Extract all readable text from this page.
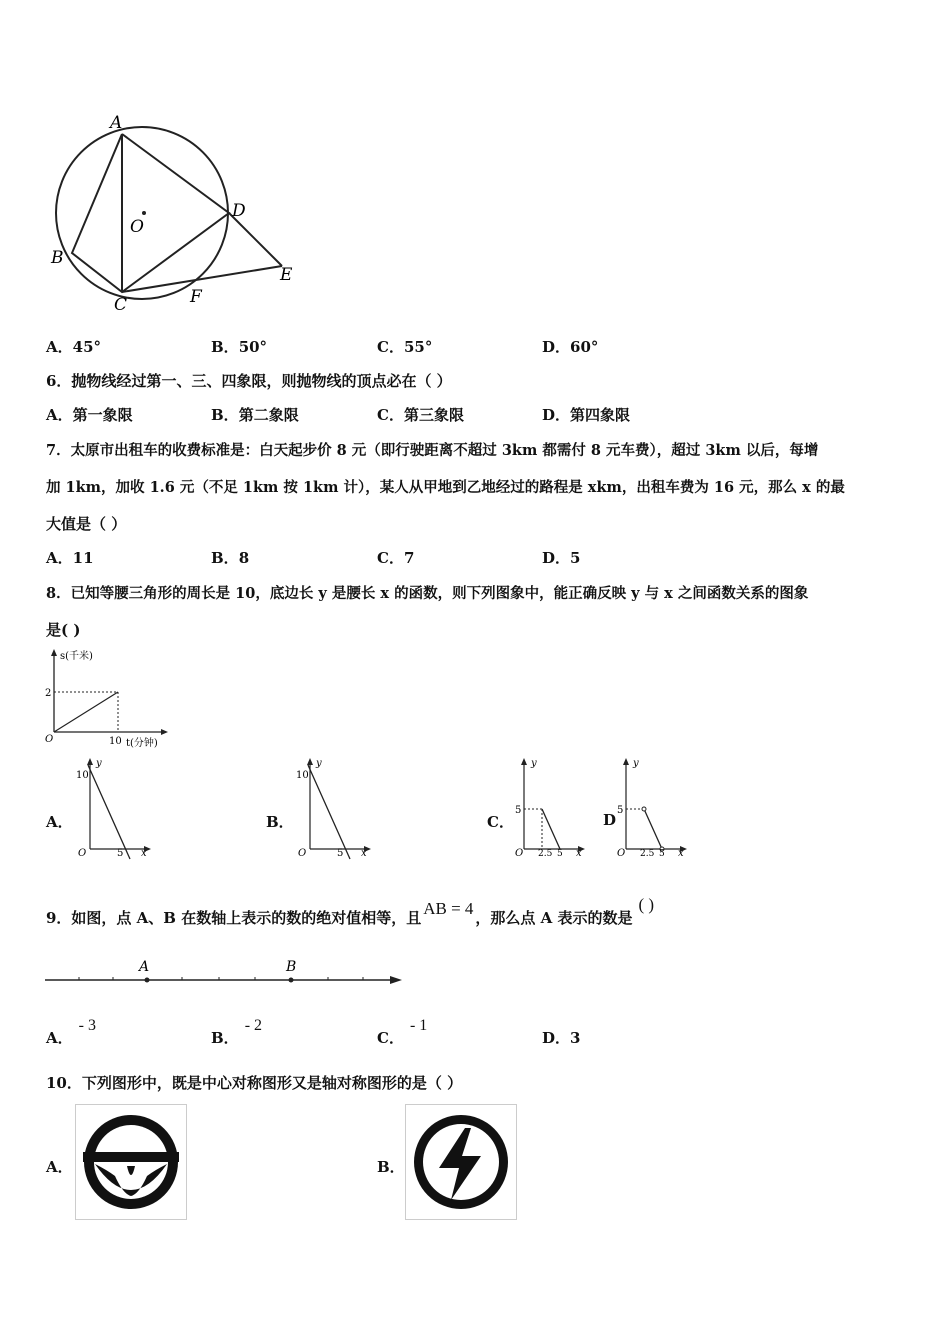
A
B
C
D
E
F
O
A．45°	B．50°	C．55°	D．60°
6．抛物线经过第一、三、四象限，则抛物线的顶点必在（ ）
A．第一象限	B．第二象限	C．第三象限	D．第四象限
7．太原市出租车的收费标准是：白天起步价 8 元（即行驶距离不超过 3km 都需付 8 元车费），超过 3km 以后，每增
加 1km，加收 1.6 元（不足 1km 按 1km 计），某人从甲地到乙地经过的路程是 xkm，出租车费为 16 元，那么 x 的最
大值是（ ）
A．11	B．8	C．7	D．5
8．已知等腰三角形的周长是 10，底边长 y 是腰长 x 的函数，则下列图象中，能正确反映 y 与 x 之间函数关系的图象
是( )
s(千米)
2
O	10 t(分钟)
A．
y
10
O	5 x
B．
y
10
O	5 x
C．
y
5
O 2.5 5 x
D
y
5
O 2.5 5 x
9．如图，点 A、B 在数轴上表示的数的绝对值相等，且 AB = 4 ，那么点 A 表示的数是( )
A	B
A．- 3
B．- 2
C．- 1
D．3
10．下列图形中，既是中心对称图形又是轴对称图形的是（ ）
A．	B．
